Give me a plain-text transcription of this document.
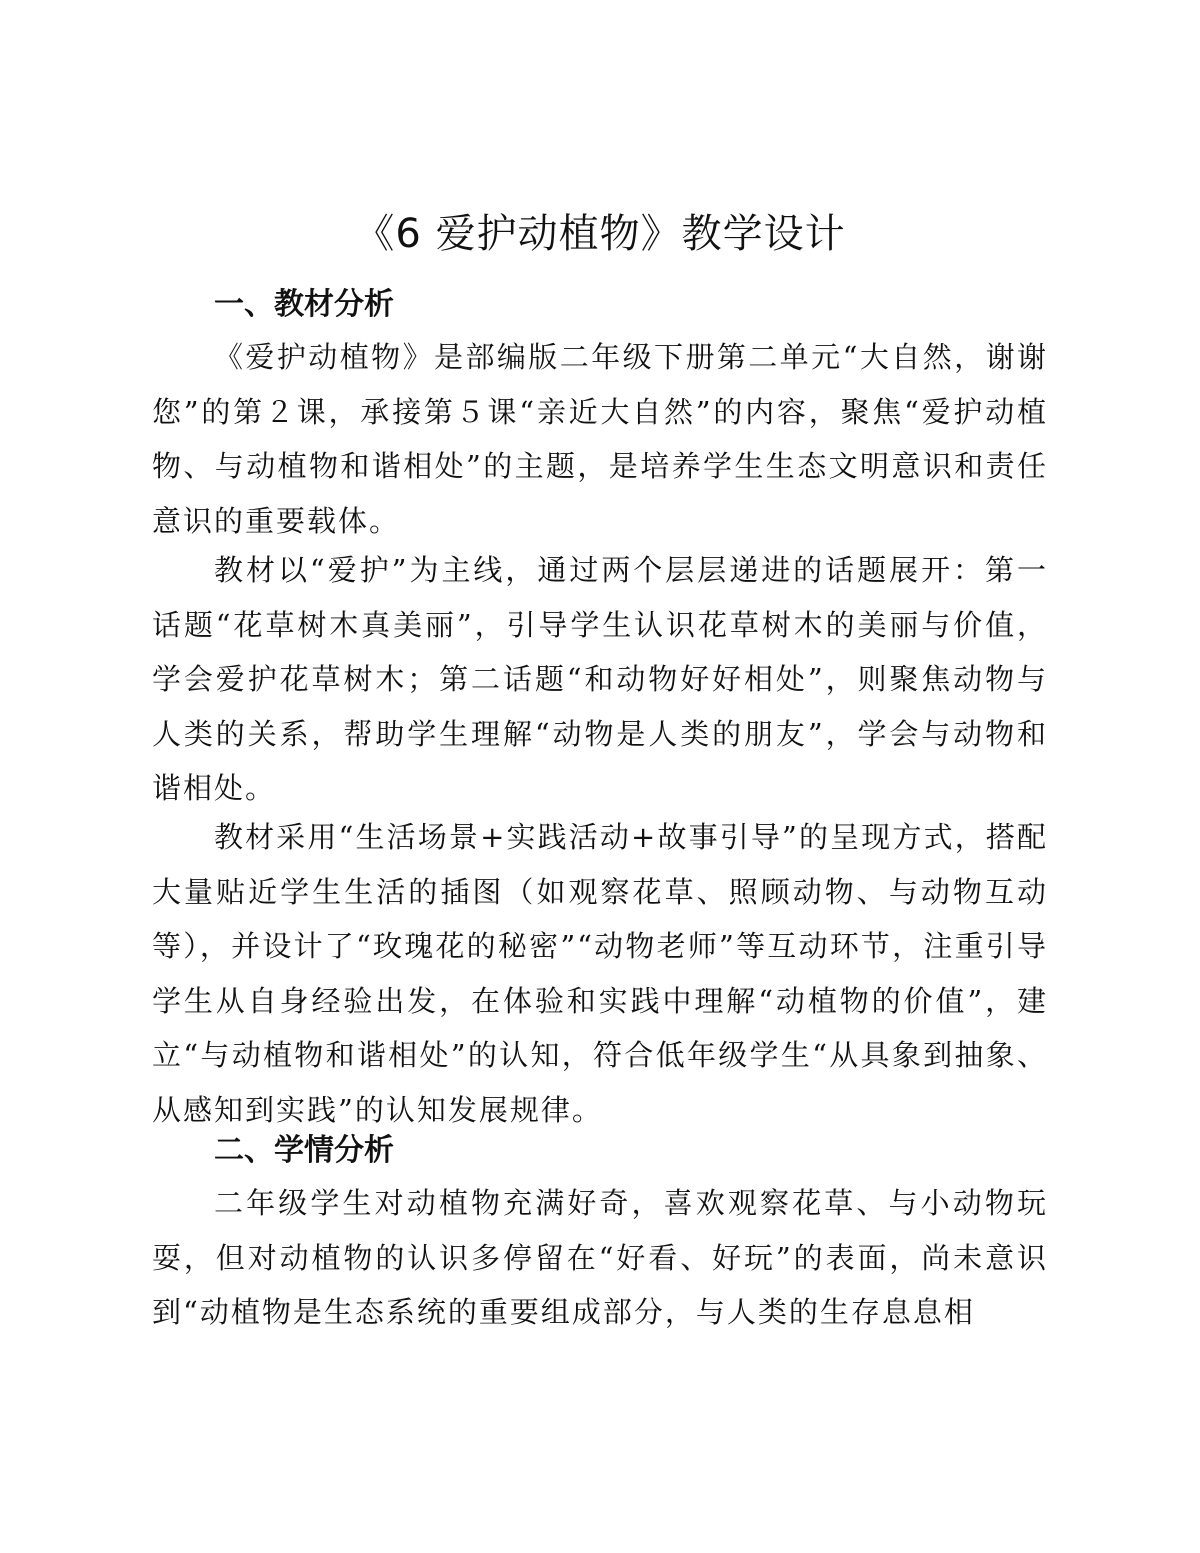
《6 爱护动植物》教学设计
一、教材分析

《爱护动植物》是部编版二年级下册第二单元“大自然，谢谢您”的第２课，承接第５课“亲近大自然”的内容，聚焦“爱护动植物、与动植物和谐相处”的主题，是培养学生生态文明意识和责任意识的重要载体。

教材以“爱护”为主线，通过两个层层递进的话题展开：第一话题“花草树木真美丽”，引导学生认识花草树木的美丽与价值，学会爱护花草树木；第二话题“和动物好好相处”，则聚焦动物与人类的关系，帮助学生理解“动物是人类的朋友”，学会与动物和谐相处。

教材采用“生活场景+实践活动+故事引导”的呈现方式，搭配大量贴近学生生活的插图（如观察花草、照顾动物、与动物互动等），并设计了“玫瑰花的秘密”“动物老师”等互动环节，注重引导学生从自身经验出发，在体验和实践中理解“动植物的价值”，建立“与动植物和谐相处”的认知，符合低年级学生“从具象到抽象、从感知到实践”的认知发展规律。

二、学情分析

二年级学生对动植物充满好奇，喜欢观察花草、与小动物玩耍，但对动植物的认识多停留在“好看、好玩”的表面，尚未意识到“动植物是生态系统的重要组成部分，与人类的生存息息相
